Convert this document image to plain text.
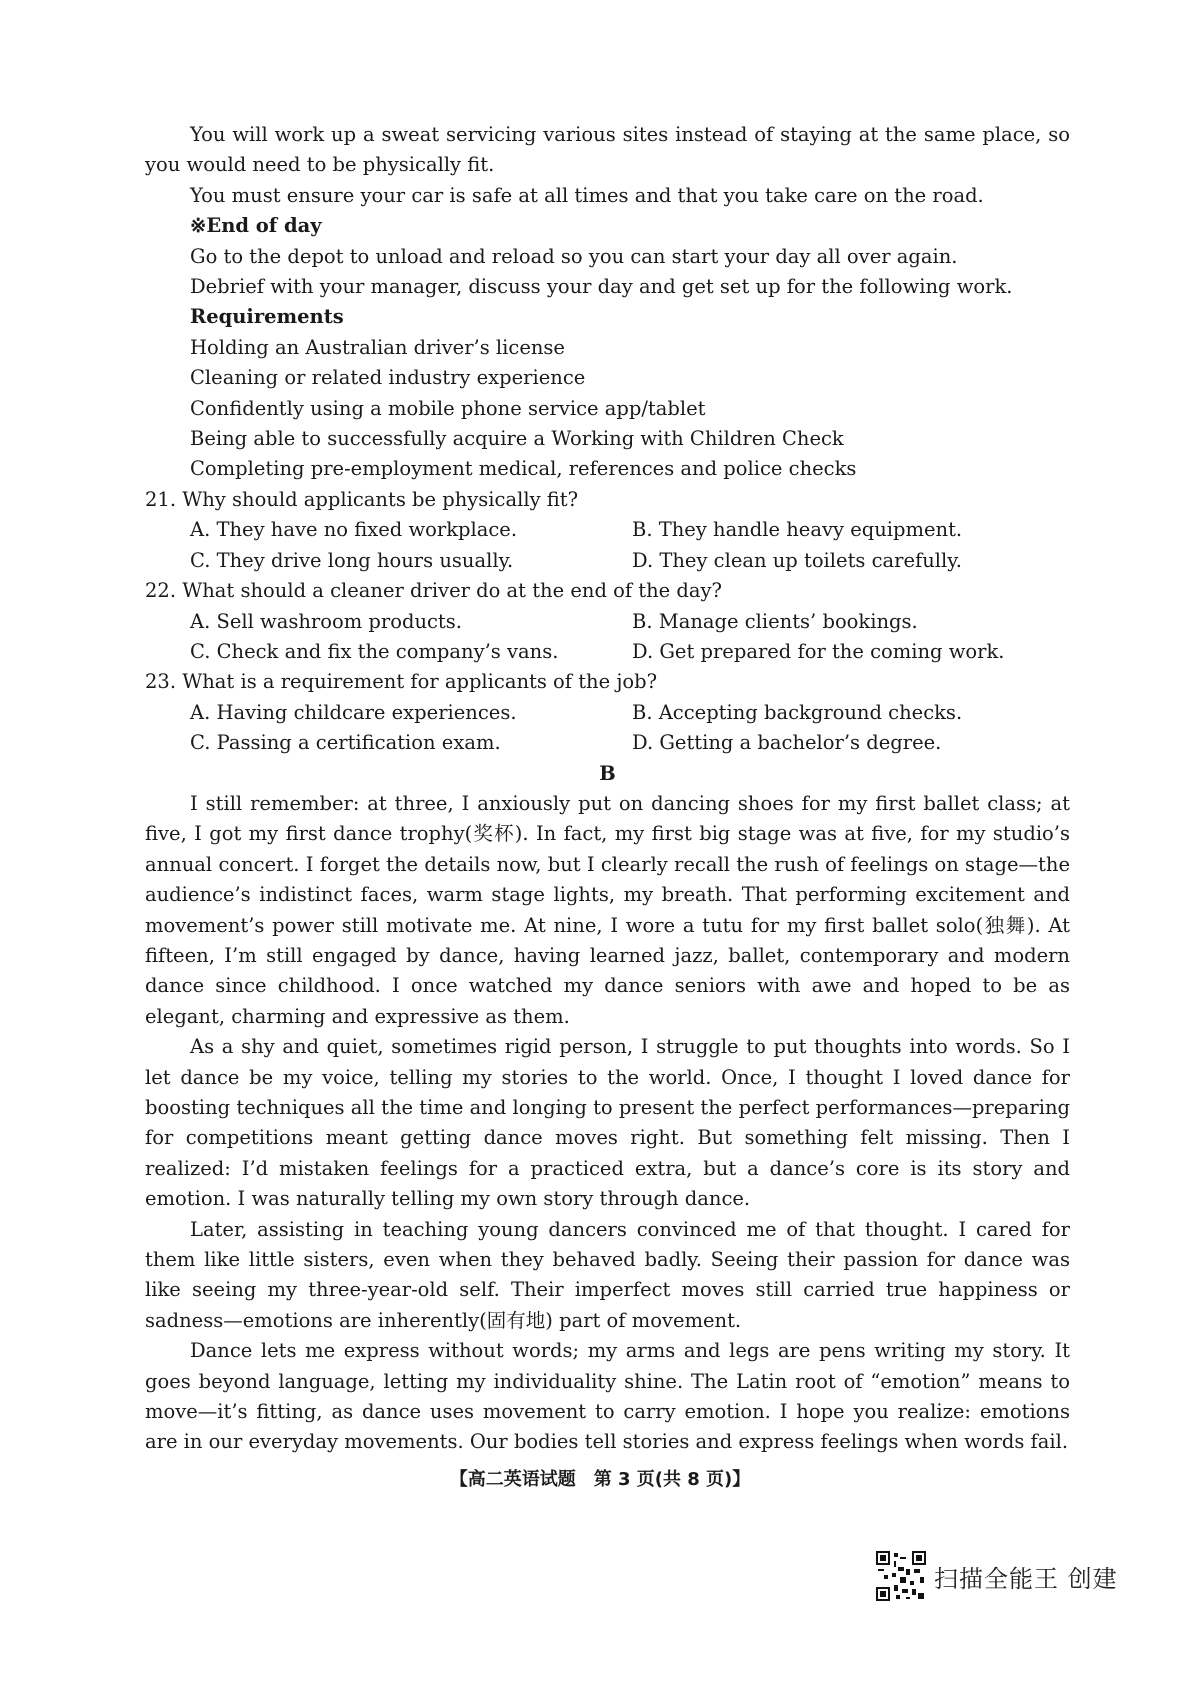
You will work up a sweat servicing various sites instead of staying at the same place, so you would need to be physically fit.

You must ensure your car is safe at all times and that you take care on the road.

※End of day

Go to the depot to unload and reload so you can start your day all over again.

Debrief with your manager, discuss your day and get set up for the following work.

Requirements

Holding an Australian driver’s license

Cleaning or related industry experience

Confidently using a mobile phone service app/tablet

Being able to successfully acquire a Working with Children Check

Completing pre-employment medical, references and police checks

21. Why should applicants be physically fit?

A. They have no fixed workplace.	B. They handle heavy equipment.
C. They drive long hours usually.	D. They clean up toilets carefully.

22. What should a cleaner driver do at the end of the day?

A. Sell washroom products.	B. Manage clients’ bookings.
C. Check and fix the company’s vans.	D. Get prepared for the coming work.

23. What is a requirement for applicants of the job?

A. Having childcare experiences.	B. Accepting background checks.
C. Passing a certification exam.	D. Getting a bachelor’s degree.

B

I still remember: at three, I anxiously put on dancing shoes for my first ballet class; at five, I got my first dance trophy(奖杯). In fact, my first big stage was at five, for my studio’s annual concert. I forget the details now, but I clearly recall the rush of feelings on stage—the audience’s indistinct faces, warm stage lights, my breath. That performing excitement and movement’s power still motivate me. At nine, I wore a tutu for my first ballet solo(独舞). At fifteen, I’m still engaged by dance, having learned jazz, ballet, contemporary and modern dance since childhood. I once watched my dance seniors with awe and hoped to be as elegant, charming and expressive as them.

As a shy and quiet, sometimes rigid person, I struggle to put thoughts into words. So I let dance be my voice, telling my stories to the world. Once, I thought I loved dance for boosting techniques all the time and longing to present the perfect performances—preparing for competitions meant getting dance moves right. But something felt missing. Then I realized: I’d mistaken feelings for a practiced extra, but a dance’s core is its story and emotion. I was naturally telling my own story through dance.

Later, assisting in teaching young dancers convinced me of that thought. I cared for them like little sisters, even when they behaved badly. Seeing their passion for dance was like seeing my three-year-old self. Their imperfect moves still carried true happiness or sadness—emotions are inherently(固有地) part of movement.

Dance lets me express without words; my arms and legs are pens writing my story. It goes beyond language, letting my individuality shine. The Latin root of “emotion” means to move—it’s fitting, as dance uses movement to carry emotion. I hope you realize: emotions are in our everyday movements. Our bodies tell stories and express feelings when words fail.

【高二英语试题　第 3 页(共 8 页)】
扫描全能王 创建
